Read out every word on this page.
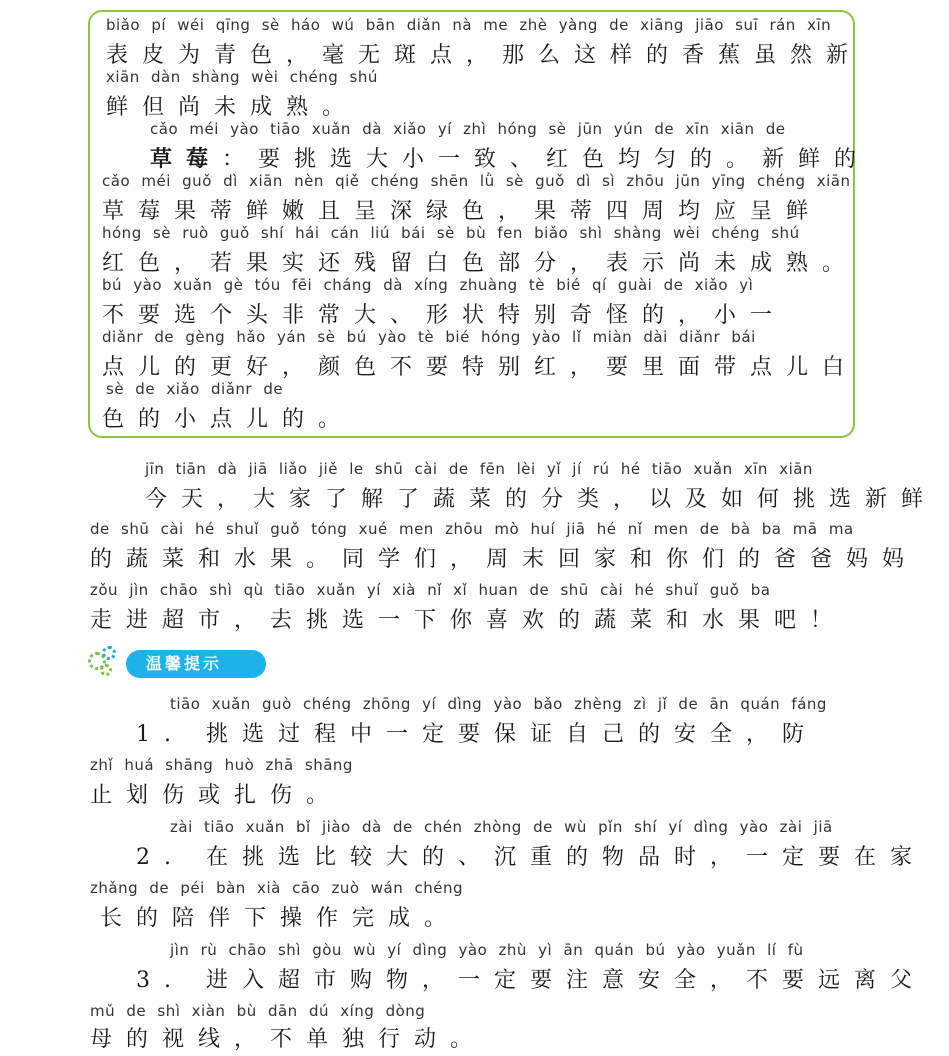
biǎo pí wéi qīng sè háo wú bān diǎn nà me zhè yàng de xiāng jiāo suī rán xīn
表皮为青色，毫无斑点，那么这样的香蕉虽然新
xiān dàn shàng wèi chéng shú
鲜但尚未成熟。
cǎo méi yào tiāo xuǎn dà xiǎo yí zhì hóng sè jūn yún de xīn xiān de
草莓：要挑选大小一致、红色均匀的。新鲜的
cǎo méi guǒ dì xiān nèn qiě chéng shēn lǜ sè guǒ dì sì zhōu jūn yīng chéng xiān
草莓果蒂鲜嫩且呈深绿色，果蒂四周均应呈鲜
hóng sè ruò guǒ shí hái cán liú bái sè bù fen biǎo shì shàng wèi chéng shú
红色，若果实还残留白色部分，表示尚未成熟。
bú yào xuǎn gè tóu fēi cháng dà xíng zhuàng tè bié qí guài de xiǎo yì
不要选个头非常大、形状特别奇怪的，小一
diǎnr de gèng hǎo yán sè bú yào tè bié hóng yào lǐ miàn dài diǎnr bái
点儿的更好，颜色不要特别红，要里面带点儿白
sè de xiǎo diǎnr de
色的小点儿的。
jīn tiān dà jiā liǎo jiě le shū cài de fēn lèi yǐ jí rú hé tiāo xuǎn xīn xiān
今天，大家了解了蔬菜的分类，以及如何挑选新鲜
de shū cài hé shuǐ guǒ tóng xué men zhōu mò huí jiā hé nǐ men de bà ba mā ma
的蔬菜和水果。同学们，周末回家和你们的爸爸妈妈
zǒu jìn chāo shì qù tiāo xuǎn yí xià nǐ xǐ huan de shū cài hé shuǐ guǒ ba
走进超市，去挑选一下你喜欢的蔬菜和水果吧！
温馨提示
tiāo xuǎn guò chéng zhōng yí dìng yào bǎo zhèng zì jǐ de ān quán fáng
1. 挑选过程中一定要保证自己的安全，防
zhǐ huá shāng huò zhā shāng
止划伤或扎伤。
zài tiāo xuǎn bǐ jiào dà de chén zhòng de wù pǐn shí yí dìng yào zài jiā
2. 在挑选比较大的、沉重的物品时，一定要在家
zhǎng de péi bàn xià cāo zuò wán chéng
长的陪伴下操作完成。
jìn rù chāo shì gòu wù yí dìng yào zhù yì ān quán bú yào yuǎn lí fù
3. 进入超市购物，一定要注意安全，不要远离父
mǔ de shì xiàn bù dān dú xíng dòng
母的视线，不单独行动。
